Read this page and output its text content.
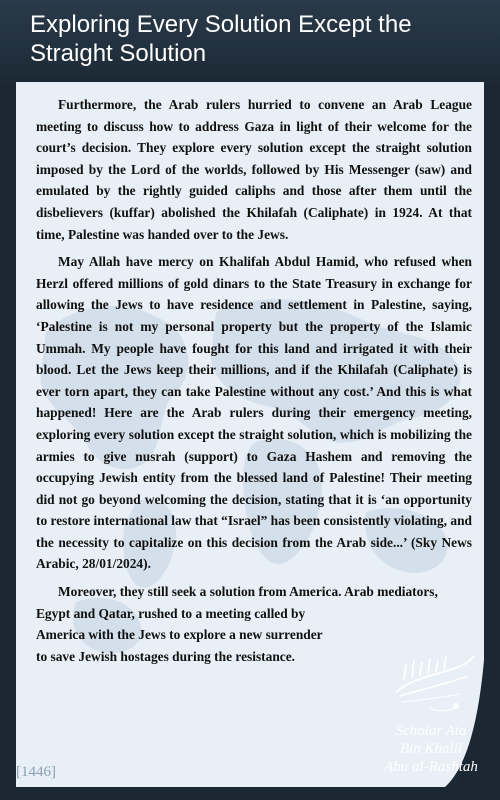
Exploring Every Solution Except the Straight Solution

Furthermore, the Arab rulers hurried to convene an Arab League meeting to discuss how to address Gaza in light of their welcome for the court’s decision. They explore every solution except the straight solution imposed by the Lord of the worlds, followed by His Messenger (saw) and emulated by the rightly guided caliphs and those after them until the disbelievers (kuffar) abolished the Khilafah (Caliphate) in 1924. At that time, Palestine was handed over to the Jews.

May Allah have mercy on Khalifah Abdul Hamid, who refused when Herzl offered millions of gold dinars to the State Treasury in exchange for allowing the Jews to have residence and settlement in Palestine, saying, ‘Palestine is not my personal property but the property of the Islamic Ummah. My people have fought for this land and irrigated it with their blood. Let the Jews keep their millions, and if the Khilafah (Caliphate) is ever torn apart, they can take Palestine without any cost.’ And this is what happened! Here are the Arab rulers during their emergency meeting, exploring every solution except the straight solution, which is mobilizing the armies to give nusrah (support) to Gaza Hashem and removing the occupying Jewish entity from the blessed land of Palestine! Their meeting did not go beyond welcoming the decision, stating that it is ‘an opportunity to restore international law that “Israel” has been consistently violating, and the necessity to capitalize on this decision from the Arab side...’ (Sky News Arabic, 28/01/2024).

Moreover, they still seek a solution from America. Arab mediators,
Egypt and Qatar, rushed to a meeting called by
America with the Jews to explore a new surrender
to save Jewish hostages during the resistance.

[1446]
Scholar Ata
Bin Khalil
Abu al-Rashtah
